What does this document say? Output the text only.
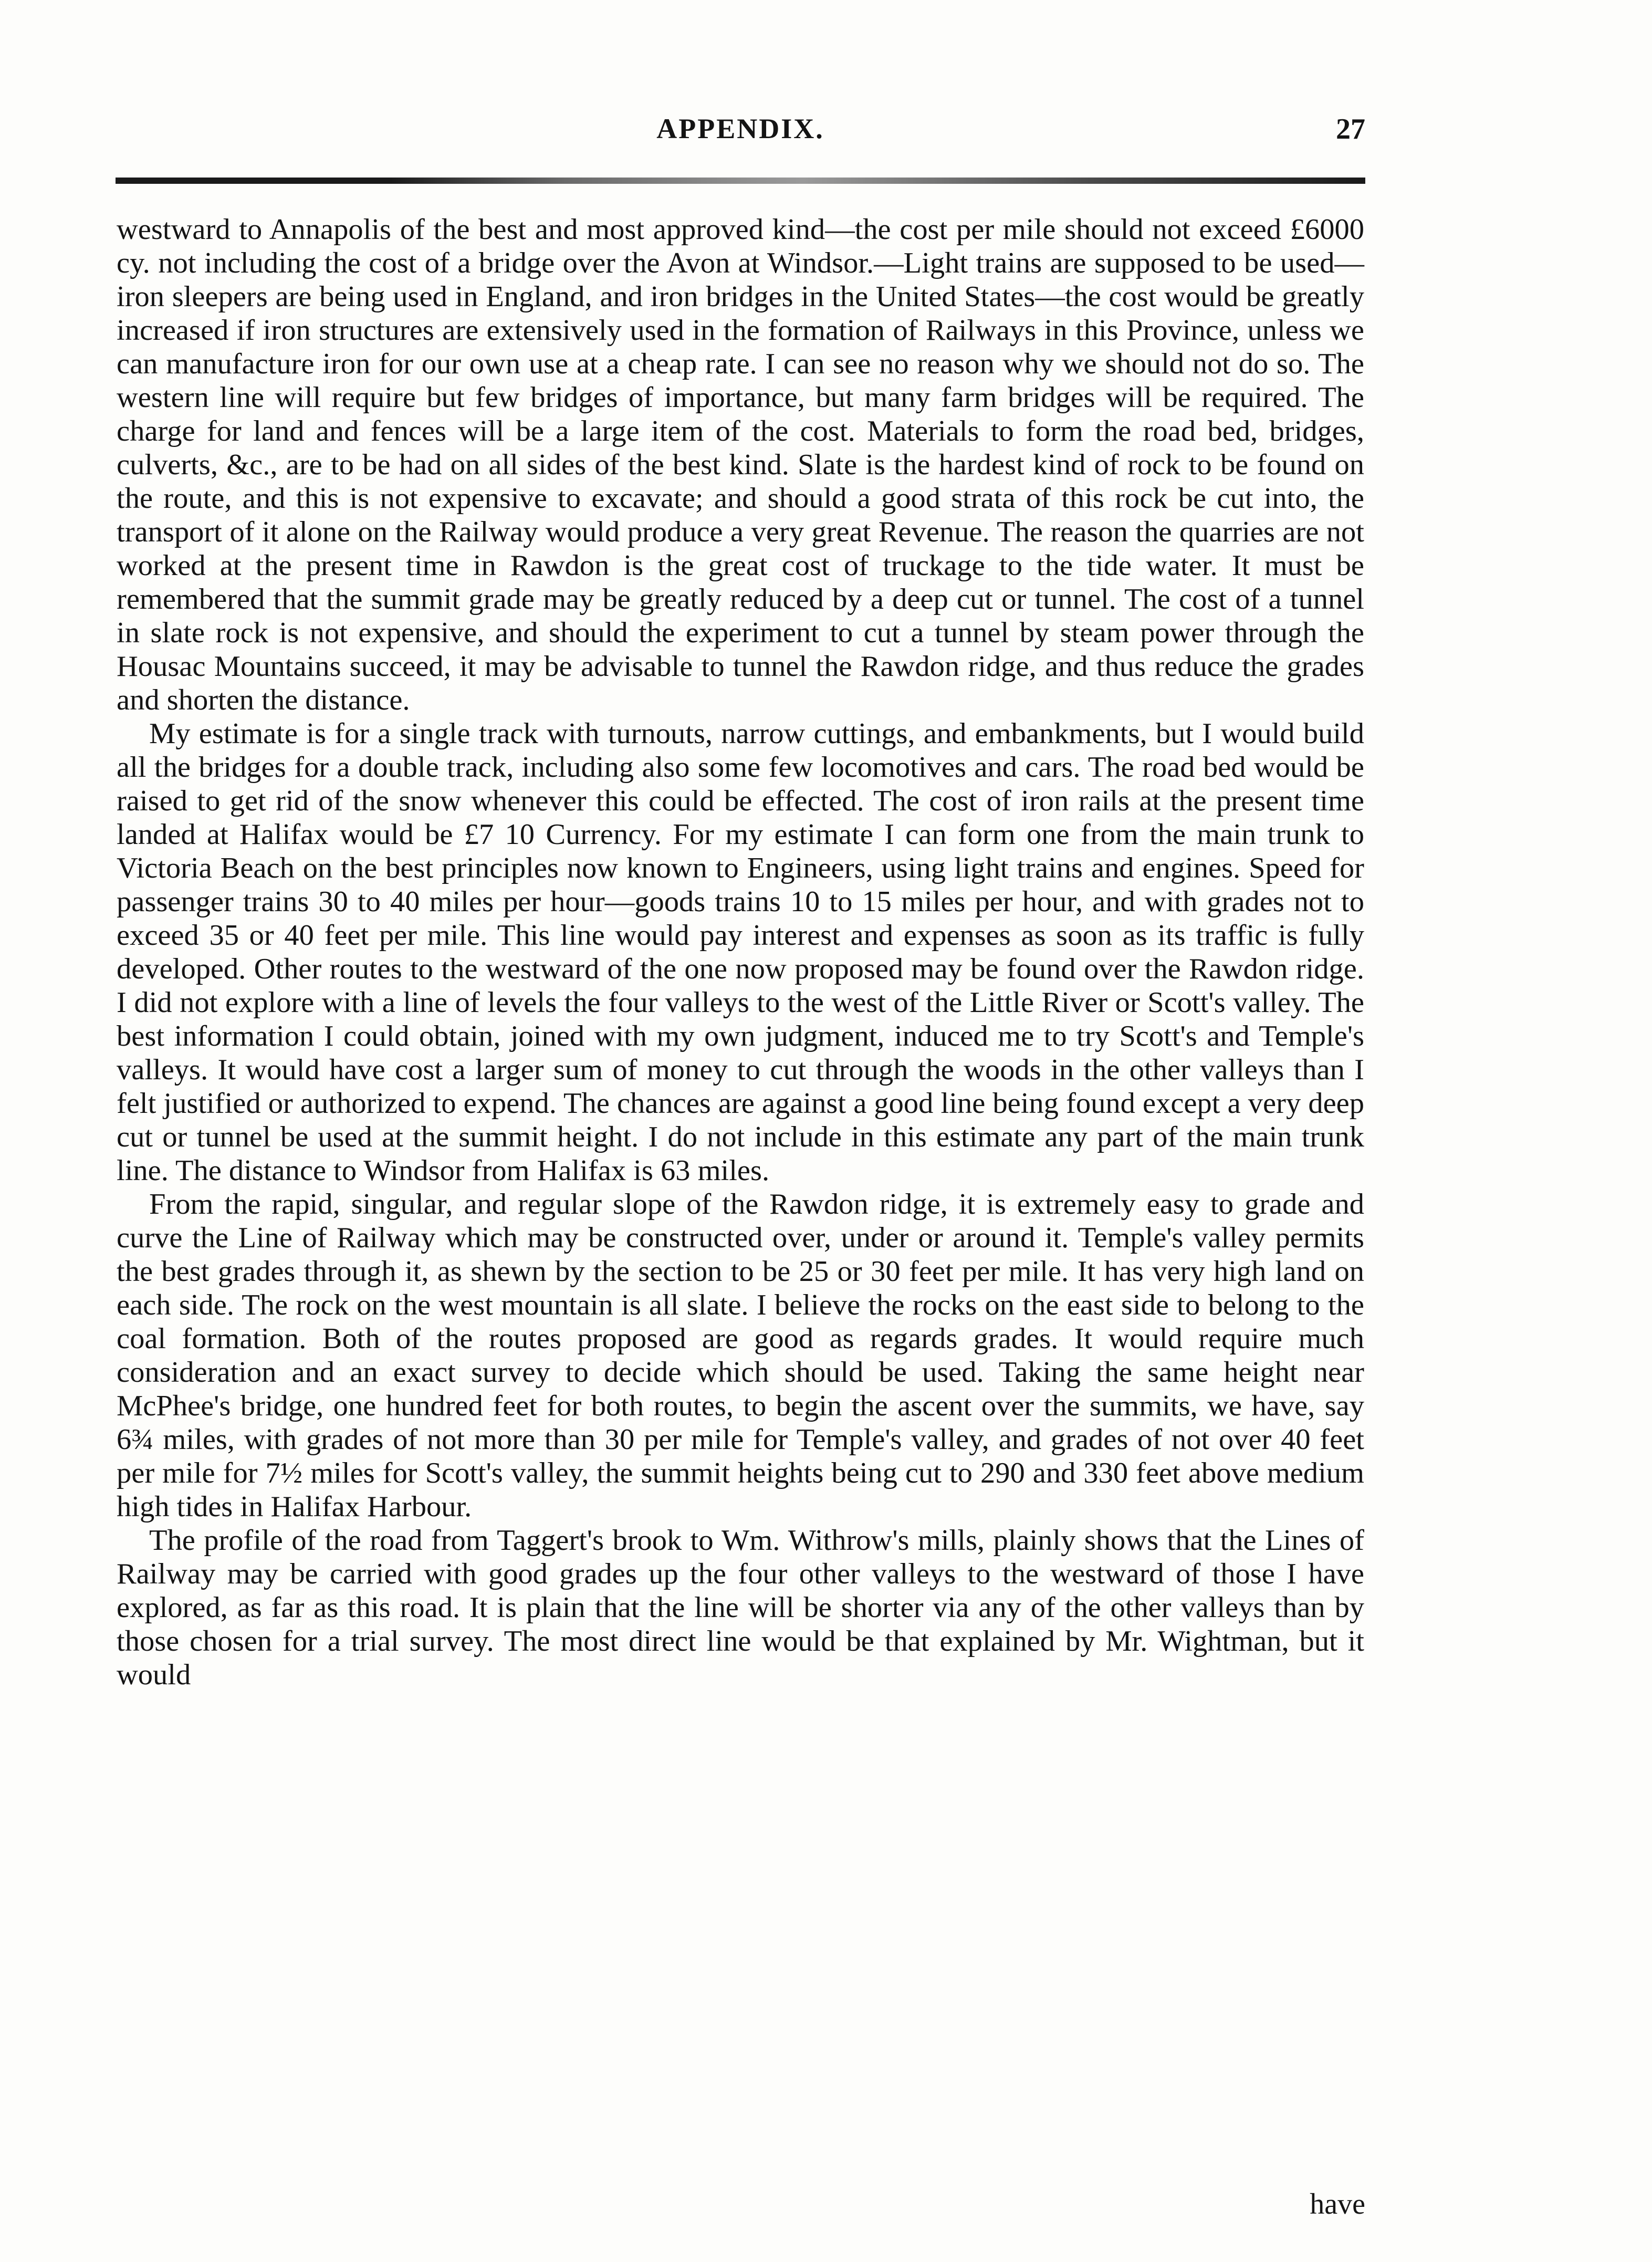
APPENDIX.	27

westward to Annapolis of the best and most approved kind—the cost per mile should not exceed £6000 cy. not including the cost of a bridge over the Avon at Windsor.—Light trains are supposed to be used—iron sleepers are being used in England, and iron bridges in the United States—the cost would be greatly increased if iron structures are extensively used in the formation of Railways in this Province, unless we can manufacture iron for our own use at a cheap rate. I can see no reason why we should not do so. The western line will require but few bridges of importance, but many farm bridges will be required. The charge for land and fences will be a large item of the cost. Materials to form the road bed, bridges, culverts, &c., are to be had on all sides of the best kind. Slate is the hardest kind of rock to be found on the route, and this is not expensive to excavate; and should a good strata of this rock be cut into, the transport of it alone on the Railway would produce a very great Revenue. The reason the quarries are not worked at the present time in Rawdon is the great cost of truckage to the tide water. It must be remembered that the summit grade may be greatly reduced by a deep cut or tunnel. The cost of a tunnel in slate rock is not expensive, and should the experiment to cut a tunnel by steam power through the Housac Mountains succeed, it may be advisable to tunnel the Rawdon ridge, and thus reduce the grades and shorten the distance.

My estimate is for a single track with turnouts, narrow cuttings, and embankments, but I would build all the bridges for a double track, including also some few locomotives and cars. The road bed would be raised to get rid of the snow whenever this could be effected. The cost of iron rails at the present time landed at Halifax would be £7 10 Currency. For my estimate I can form one from the main trunk to Victoria Beach on the best principles now known to Engineers, using light trains and engines. Speed for passenger trains 30 to 40 miles per hour—goods trains 10 to 15 miles per hour, and with grades not to exceed 35 or 40 feet per mile. This line would pay interest and expenses as soon as its traffic is fully developed. Other routes to the westward of the one now proposed may be found over the Rawdon ridge. I did not explore with a line of levels the four valleys to the west of the Little River or Scott's valley. The best information I could obtain, joined with my own judgment, induced me to try Scott's and Temple's valleys. It would have cost a larger sum of money to cut through the woods in the other valleys than I felt justified or authorized to expend. The chances are against a good line being found except a very deep cut or tunnel be used at the summit height. I do not include in this estimate any part of the main trunk line. The distance to Windsor from Halifax is 63 miles.

From the rapid, singular, and regular slope of the Rawdon ridge, it is extremely easy to grade and curve the Line of Railway which may be constructed over, under or around it. Temple's valley permits the best grades through it, as shewn by the section to be 25 or 30 feet per mile. It has very high land on each side. The rock on the west mountain is all slate. I believe the rocks on the east side to belong to the coal formation. Both of the routes proposed are good as regards grades. It would require much consideration and an exact survey to decide which should be used. Taking the same height near McPhee's bridge, one hundred feet for both routes, to begin the ascent over the summits, we have, say 6¾ miles, with grades of not more than 30 per mile for Temple's valley, and grades of not over 40 feet per mile for 7½ miles for Scott's valley, the summit heights being cut to 290 and 330 feet above medium high tides in Halifax Harbour.

The profile of the road from Taggert's brook to Wm. Withrow's mills, plainly shows that the Lines of Railway may be carried with good grades up the four other valleys to the westward of those I have explored, as far as this road. It is plain that the line will be shorter via any of the other valleys than by those chosen for a trial survey. The most direct line would be that explained by Mr. Wightman, but it would

have
